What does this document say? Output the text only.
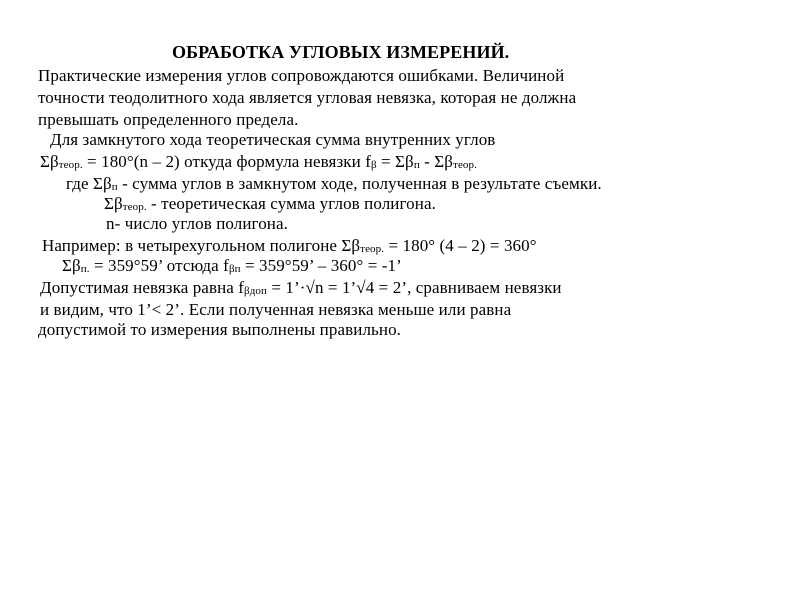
ОБРАБОТКА УГЛОВЫХ ИЗМЕРЕНИЙ.
Практические измерения углов сопровождаются ошибками. Величиной
точности теодолитного хода является угловая невязка, которая не должна
превышать определенного предела.
Для замкнутого хода теоретическая сумма внутренних углов
Σβтеор. = 180°(n – 2) откуда формула невязки fβ = Σβп - Σβтеор.
где Σβп - сумма углов в замкнутом ходе, полученная в результате съемки.
Σβтеор. - теоретическая сумма углов полигона.
n- число углов полигона.
Например: в четырехугольном полигоне Σβтеор. = 180° (4 – 2) = 360°
Σβп. = 359°59’ отсюда fβп = 359°59’ – 360° = -1’
Допустимая невязка равна fβдоп = 1’·√n = 1’√4 = 2’, сравниваем невязки
и видим, что 1’< 2’. Если полученная невязка меньше или равна
допустимой то измерения выполнены правильно.
